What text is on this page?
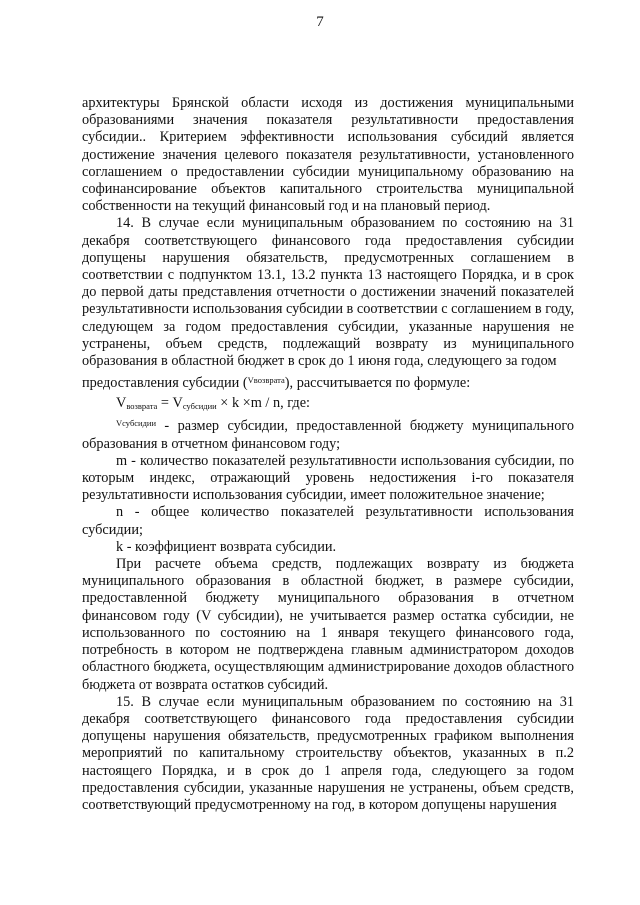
7

архитектуры Брянской области исходя из достижения муниципальными образованиями значения показателя результативности предоставления субсидии.. Критерием эффективности использования субсидий является достижение значения целевого показателя результативности, установленного соглашением о предоставлении субсидии муниципальному образованию на софинансирование объектов капитального строительства муниципальной собственности на текущий финансовый год и на плановый период.

14. В случае если муниципальным образованием по состоянию на 31 декабря соответствующего финансового года предоставления субсидии допущены нарушения обязательств, предусмотренных соглашением в соответствии с подпунктом 13.1, 13.2 пункта 13 настоящего Порядка, и в срок до первой даты представления отчетности о достижении значений показателей результативности использования субсидии в соответствии с соглашением в году, следующем за годом предоставления субсидии, указанные нарушения не устранены, объем средств, подлежащий возврату из муниципального образования в областной бюджет в срок до 1 июня года, следующего за годом

предоставления субсидии ($^{Vвозврата}$), рассчитывается по формуле:

$V_{возврата} = V_{субсидии} \times k \times m / n$, где:

$^{Vсубсидии}$ - размер субсидии, предоставленной бюджету муниципального образования в отчетном финансовом году;

m - количество показателей результативности использования субсидии, по которым индекс, отражающий уровень недостижения i-го показателя результативности использования субсидии, имеет положительное значение;

n - общее количество показателей результативности использования субсидии;

k - коэффициент возврата субсидии.

При расчете объема средств, подлежащих возврату из бюджета муниципального образования в областной бюджет, в размере субсидии, предоставленной бюджету муниципального образования в отчетном финансовом году (V субсидии), не учитывается размер остатка субсидии, не использованного по состоянию на 1 января текущего финансового года, потребность в котором не подтверждена главным администратором доходов областного бюджета, осуществляющим администрирование доходов областного бюджета от возврата остатков субсидий.

15. В случае если муниципальным образованием по состоянию на 31 декабря соответствующего финансового года предоставления субсидии допущены нарушения обязательств, предусмотренных графиком выполнения мероприятий по капитальному строительству объектов, указанных в п.2 настоящего Порядка, и в срок до 1 апреля года, следующего за годом предоставления субсидии, указанные нарушения не устранены, объем средств, соответствующий предусмотренному на год, в котором допущены нарушения
